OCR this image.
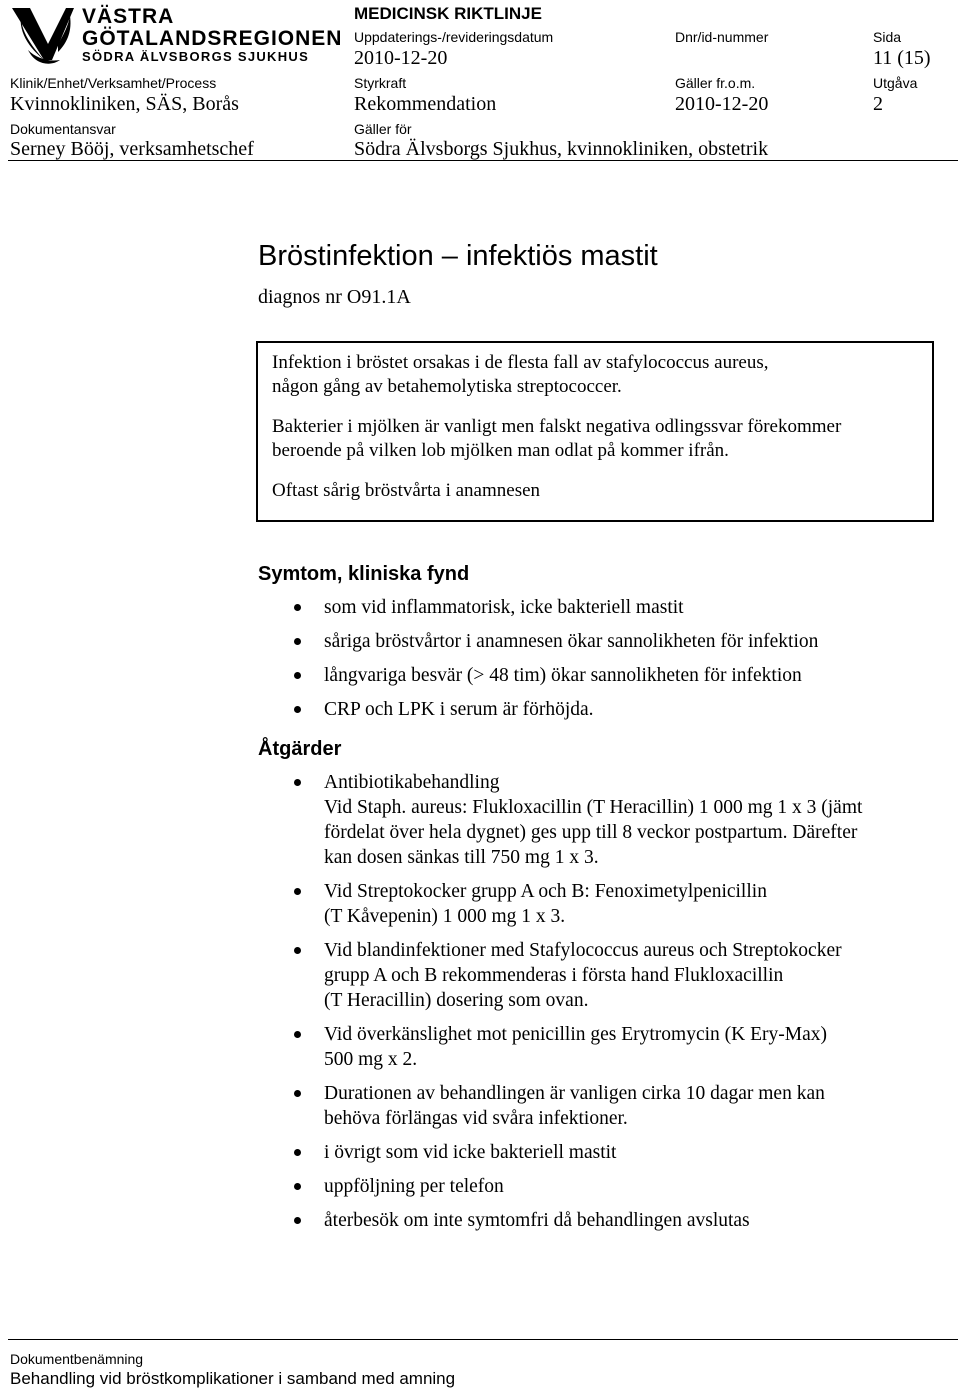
VÄSTRA
GÖTALANDSREGIONEN
SÖDRA ÄLVSBORGS SJUKHUS
MEDICINSK RIKTLINJE
Uppdaterings-/revideringsdatum
2010-12-20
Dnr/id-nummer	Sida
11 (15)
Klinik/Enhet/Verksamhet/Process
Kvinnokliniken, SÄS, Borås
Styrkraft
Rekommendation
Gäller fr.o.m.
2010-12-20
Utgåva
2
Dokumentansvar
Serney Bööj, verksamhetschef
Gäller för
Södra Älvsborgs Sjukhus, kvinnokliniken, obstetrik
Bröstinfektion – infektiös mastit
diagnos nr O91.1A

Infektion i bröstet orsakas i de flesta fall av stafylococcus aureus,

någon gång av betahemolytiska streptococcer.

Bakterier i mjölken är vanligt men falskt negativa odlingssvar förekommer

beroende på vilken lob mjölken man odlat på kommer ifrån.

Oftast sårig bröstvårta i anamnesen

Symtom, kliniska fynd
som vid inflammatorisk, icke bakteriell mastit
såriga bröstvårtor i anamnesen ökar sannolikheten för infektion
långvariga besvär (> 48 tim) ökar sannolikheten för infektion
CRP och LPK i serum är förhöjda.
Åtgärder
Antibiotikabehandling
Vid Staph. aureus: Flukloxacillin (T Heracillin) 1 000 mg 1 x 3 (jämt
fördelat över hela dygnet) ges upp till 8 veckor postpartum. Därefter
kan dosen sänkas till 750 mg 1 x 3.
Vid Streptokocker grupp A och B: Fenoximetylpenicillin
(T Kåvepenin) 1 000 mg 1 x 3.
Vid blandinfektioner med Stafylococcus aureus och Streptokocker
grupp A och B rekommenderas i första hand Flukloxacillin
(T Heracillin) dosering som ovan.
Vid överkänslighet mot penicillin ges Erytromycin (K Ery-Max)
500 mg x 2.
Durationen av behandlingen är vanligen cirka 10 dagar men kan
behöva förlängas vid svåra infektioner.
i övrigt som vid icke bakteriell mastit
uppföljning per telefon
återbesök om inte symtomfri då behandlingen avslutas
Dokumentbenämning
Behandling vid bröstkomplikationer i samband med amning
